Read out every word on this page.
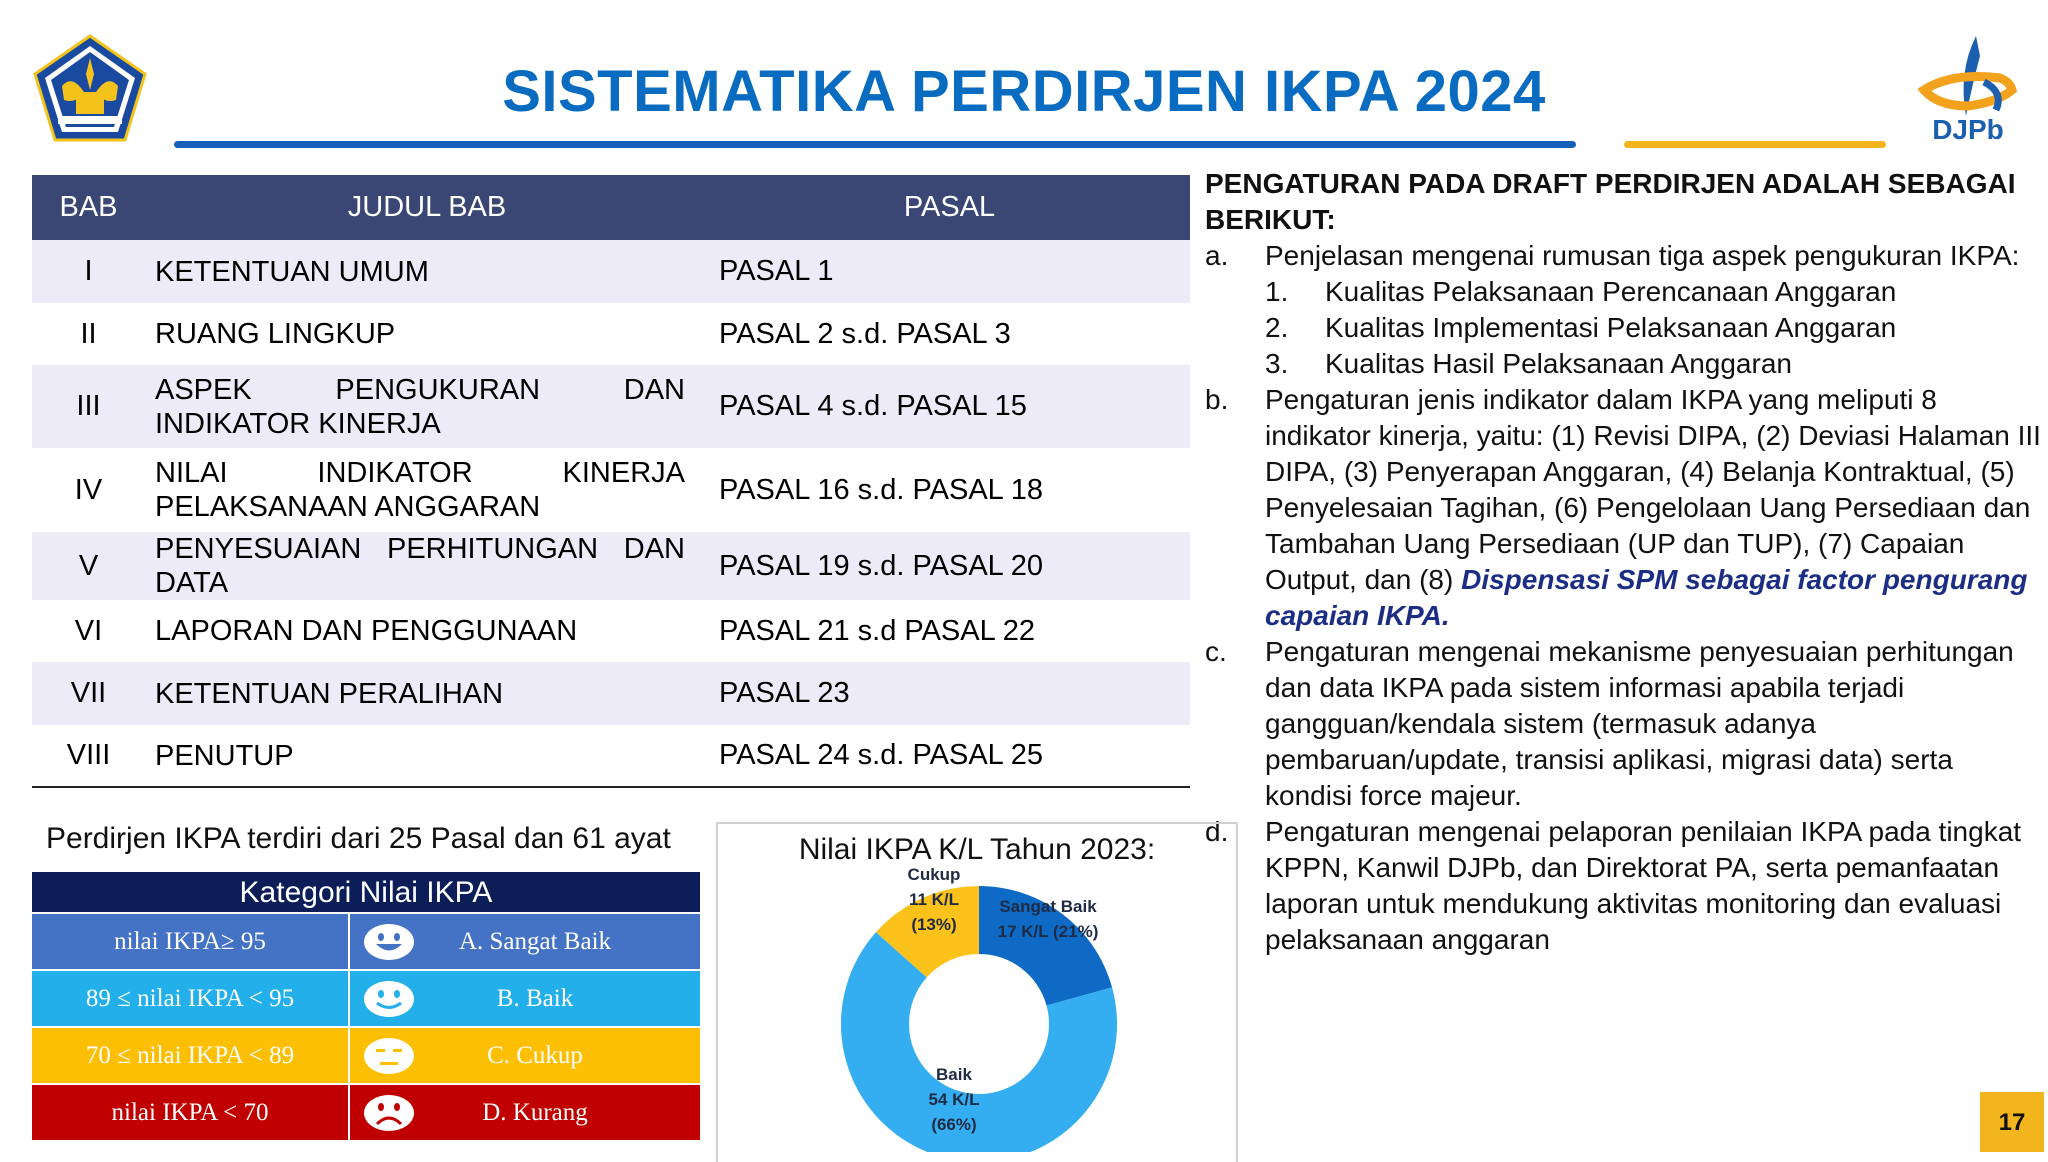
SISTEMATIKA PERDIRJEN IKPA 2024
DJPb
BAB	JUDUL BAB	PASAL
I	KETENTUAN UMUM	PASAL 1
II	RUANG LINGKUP	PASAL 2 s.d. PASAL 3
III	ASPEK PENGUKURAN DAN INDIKATOR KINERJA	PASAL 4 s.d. PASAL 15
IV	NILAI INDIKATOR KINERJA PELAKSANAAN ANGGARAN	PASAL 16 s.d. PASAL 18
V	PENYESUAIAN PERHITUNGAN DAN DATA	PASAL 19 s.d. PASAL 20
VI	LAPORAN DAN PENGGUNAAN	PASAL 21 s.d PASAL 22
VII	KETENTUAN PERALIHAN	PASAL 23
VIII	PENUTUP	PASAL 24 s.d. PASAL 25
PENGATURAN PADA DRAFT PERDIRJEN ADALAH SEBAGAI BERIKUT:
a. Penjelasan mengenai rumusan tiga aspek pengukuran IKPA:
1. Kualitas Pelaksanaan Perencanaan Anggaran
2. Kualitas Implementasi Pelaksanaan Anggaran
3. Kualitas Hasil Pelaksanaan Anggaran
b. Pengaturan jenis indikator dalam IKPA yang meliputi 8 indikator kinerja, yaitu: (1) Revisi DIPA, (2) Deviasi Halaman III DIPA, (3) Penyerapan Anggaran, (4) Belanja Kontraktual, (5) Penyelesaian Tagihan, (6) Pengelolaan Uang Persediaan dan Tambahan Uang Persediaan (UP dan TUP), (7) Capaian Output, dan (8) Dispensasi SPM sebagai factor pengurang capaian IKPA.
c. Pengaturan mengenai mekanisme penyesuaian perhitungan dan data IKPA pada sistem informasi apabila terjadi gangguan/kendala sistem (termasuk adanya pembaruan/update, transisi aplikasi, migrasi data) serta kondisi force majeur.
d. Pengaturan mengenai pelaporan penilaian IKPA pada tingkat KPPN, Kanwil DJPb, dan Direktorat PA, serta pemanfaatan laporan untuk mendukung aktivitas monitoring dan evaluasi pelaksanaan anggaran
Perdirjen IKPA terdiri dari 25 Pasal dan 61 ayat
Kategori Nilai IKPA
nilai IKPA≥ 95	A. Sangat Baik
89 ≤ nilai IKPA < 95	B. Baik
70 ≤ nilai IKPA < 89	C. Cukup
nilai IKPA < 70	D. Kurang
Nilai IKPA K/L Tahun 2023:
Sangat Baik 17 K/L (21%)
Baik 54 K/L (66%)
Cukup 11 K/L (13%)
17
